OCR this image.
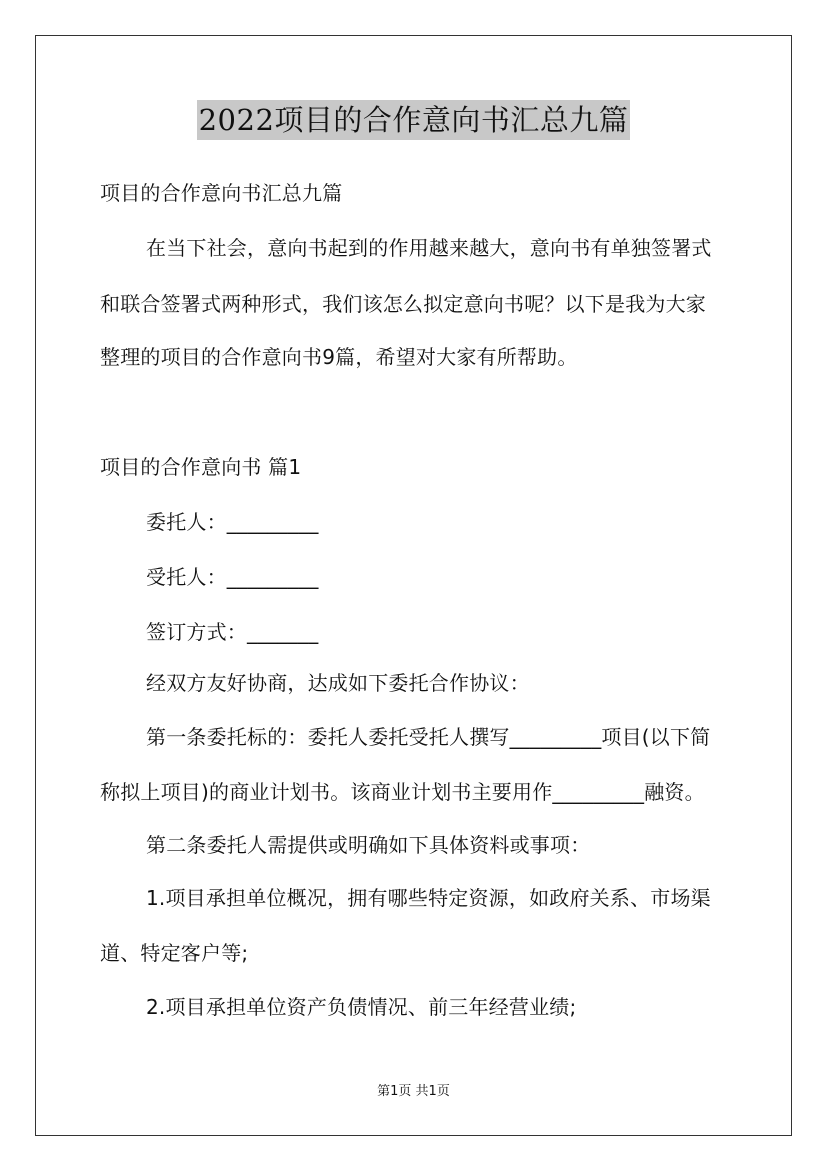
2022项目的合作意向书汇总九篇
项目的合作意向书汇总九篇
在当下社会，意向书起到的作用越来越大，意向书有单独签署式
和联合签署式两种形式，我们该怎么拟定意向书呢？以下是我为大家
整理的项目的合作意向书9篇，希望对大家有所帮助。
项目的合作意向书 篇1
委托人：_________
受托人：_________
签订方式：_______
经双方友好协商，达成如下委托合作协议：
第一条委托标的：委托人委托受托人撰写_________项目(以下简
称拟上项目)的商业计划书。该商业计划书主要用作_________融资。
第二条委托人需提供或明确如下具体资料或事项：
1.项目承担单位概况，拥有哪些特定资源，如政府关系、市场渠
道、特定客户等;
2.项目承担单位资产负债情况、前三年经营业绩;
第1页 共1页
